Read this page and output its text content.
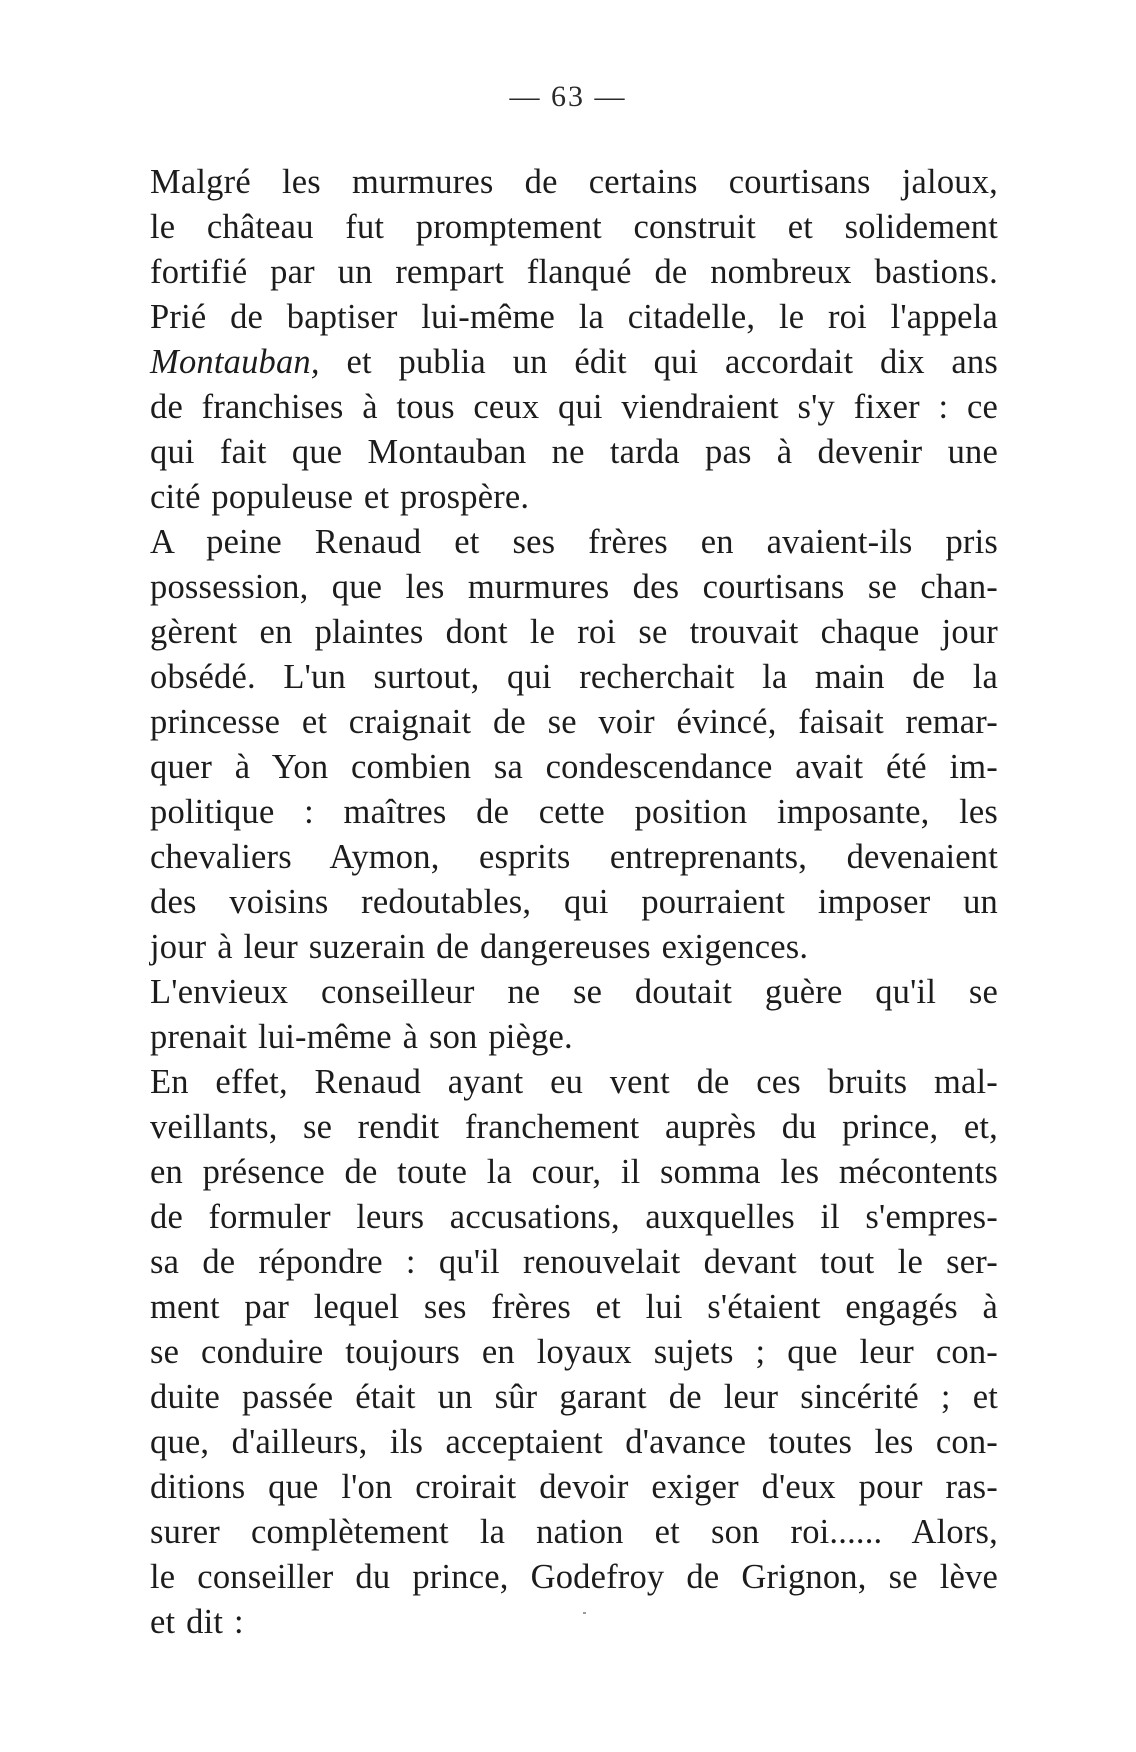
— 63 —
Malgré les murmures de certains courtisans jaloux,
le château fut promptement construit et solidement
fortifié par un rempart flanqué de nombreux bastions.
Prié de baptiser lui-même la citadelle, le roi l'appela
Montauban, et publia un édit qui accordait dix ans
de franchises à tous ceux qui viendraient s'y fixer : ce
qui fait que Montauban ne tarda pas à devenir une
cité populeuse et prospère.
A peine Renaud et ses frères en avaient-ils pris
possession, que les murmures des courtisans se chan-
gèrent en plaintes dont le roi se trouvait chaque jour
obsédé. L'un surtout, qui recherchait la main de la
princesse et craignait de se voir évincé, faisait remar-
quer à Yon combien sa condescendance avait été im-
politique : maîtres de cette position imposante, les
chevaliers Aymon, esprits entreprenants, devenaient
des voisins redoutables, qui pourraient imposer un
jour à leur suzerain de dangereuses exigences.
L'envieux conseilleur ne se doutait guère qu'il se
prenait lui-même à son piège.
En effet, Renaud ayant eu vent de ces bruits mal-
veillants, se rendit franchement auprès du prince, et,
en présence de toute la cour, il somma les mécontents
de formuler leurs accusations, auxquelles il s'empres-
sa de répondre : qu'il renouvelait devant tout le ser-
ment par lequel ses frères et lui s'étaient engagés à
se conduire toujours en loyaux sujets ; que leur con-
duite passée était un sûr garant de leur sincérité ; et
que, d'ailleurs, ils acceptaient d'avance toutes les con-
ditions que l'on croirait devoir exiger d'eux pour ras-
surer complètement la nation et son roi...... Alors,
le conseiller du prince, Godefroy de Grignon, se lève
et dit :
